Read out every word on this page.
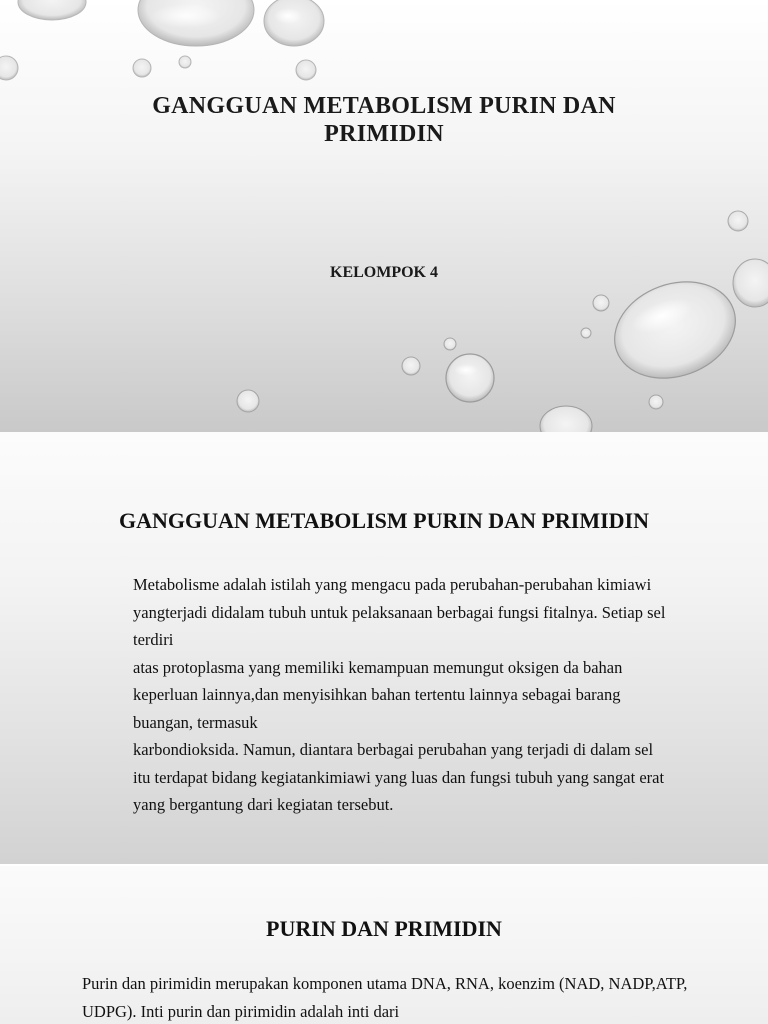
GANGGUAN METABOLISM PURIN DAN PRIMIDIN
KELOMPOK 4
GANGGUAN METABOLISM PURIN DAN PRIMIDIN
Metabolisme adalah istilah yang mengacu pada perubahan-perubahan kimiawi yangterjadi didalam tubuh untuk pelaksanaan berbagai fungsi fitalnya. Setiap sel terdiri
atas protoplasma yang memiliki kemampuan memungut oksigen da bahan keperluan lainnya,dan menyisihkan bahan tertentu lainnya sebagai barang buangan, termasuk
karbondioksida. Namun, diantara berbagai perubahan yang terjadi di dalam sel itu terdapat bidang kegiatankimiawi yang luas dan fungsi tubuh yang sangat erat yang bergantung dari kegiatan tersebut.
PURIN DAN PRIMIDIN
Purin dan pirimidin merupakan komponen utama DNA, RNA, koenzim (NAD, NADP,ATP, UDPG). Inti purin dan pirimidin adalah inti dari
